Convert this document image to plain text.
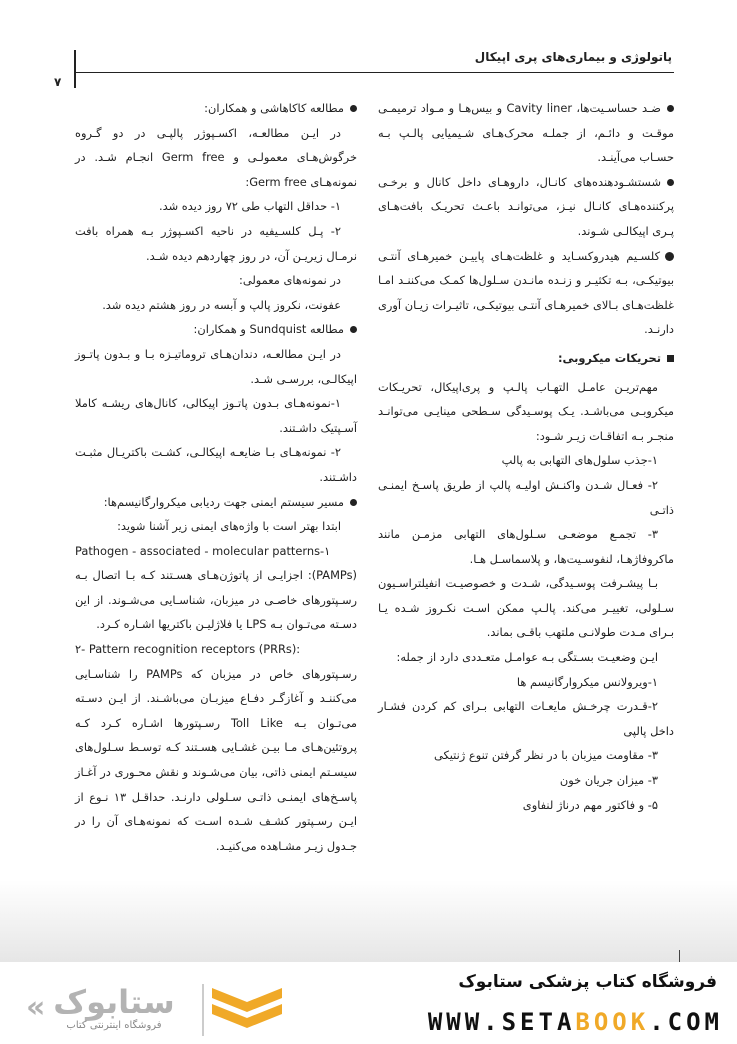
پاتولوژی و بیماری‌های پری اپیکال
۷

ضـد حساسـیت‌ها، Cavity liner و بیس‌هـا و مـواد ترمیمـی موقـت و دائـم، از جملـه محرک‌هـای شـیمیایی پالـپ بـه حسـاب می‌آینـد.

شستشـودهنده‌های کانـال، داروهـای داخل کانال و برخـی پرکننده‌هـای کانـال نیـز، می‌توانـد باعـث تحریـک بافت‌هـای پـری اپیکالـی شـوند.

کلسـیم هیدروکسـاید و غلظت‌هـای پاییـن خمیرهـای آنتـی بیوتیکـی، بـه تکثیـر و زنـده مانـدن سـلول‌ها کمـک می‌کننـد امـا غلظت‌هـای بـالای خمیرهـای آنتـی بیوتیکـی، تاثیـرات زیـان آوری دارنـد.

تحریکات میکروبی:

مهم‌تریـن عامـل التهـاب پالـپ و پری‌اپیکال، تحریـکات میکروبـی می‌باشـد. یـک پوسـیدگی سـطحی مینایـی می‌توانـد منجـر بـه اتفاقـات زیـر شـود:

۱-جذب سلول‌های التهابی به پالپ

۲- فعـال شـدن واکنـش اولیـه پالپ از طریق پاسـخ ایمنـی ذاتـی

۳- تجمـع موضعـی سـلول‌های التهابی مزمـن مانند ماکروفاژهـا، لنفوسـیت‌ها، و پلاسماسـل هـا.

بـا پیشـرفت پوسـیدگی، شـدت و خصوصیـت انفیلتراسـیون سـلولی، تغییـر می‌کند. پالـپ ممکن اسـت نکـروز شـده یـا بـرای مـدت طولانـی ملتهب باقـی بماند.

ایـن وضعیـت بسـتگی بـه عوامـل متعـددی دارد از جمله:

۱-ویرولانس میکروارگانیسم ها

۲-قـدرت چرخـش مایعـات التهابی بـرای کم کردن فشـار داخل پالپی

۳- مقاومت میزبان با در نظر گرفتن تنوع ژنتیکی

۳- میزان جریان خون

۵- و فاکتور مهم درناژ لنفاوی

مطالعه کاکاهاشی و همکاران:

در ایـن مطالعـه، اکسـپوژر پالپـی در دو گـروه خرگوش‌هـای معمولـی و Germ free انجـام شـد. در نمونه‌هـای Germ free:

۱- حداقل التهاب طی ۷۲ روز دیده شد.

۲- پـل کلسـیفیه در ناحیه اکسـپوژر بـه همراه بافت نرمـال زیریـن آن، در روز چهاردهم دیده شـد.

در نمونه‌های معمولی:

عفونت، نکروز پالپ و آبسه در روز هشتم دیده شد.

مطالعه Sundquist و همکاران:

در ایـن مطالعـه، دندان‌هـای تروماتیـزه بـا و بـدون پاتـوز اپیکالـی، بررسـی شـد.

۱-نمونه‌هـای بـدون پاتـوز اپیکالی، کانال‌های ریشـه کاملا آسـپتیک داشـتند.

۲- نمونه‌هـای بـا ضایعـه اپیکالـی، کشـت باکتریـال مثبـت داشـتند.

مسیر سیستم ایمنی جهت ردیابی میکروارگانیسم‌ها:

ابتدا بهتر است با واژه‌های ایمنی زیر آشنا شوید:

Pathogen - associated - molecular patterns-۱

(PAMPs): اجزایـی از پاتوژن‌هـای هسـتند کـه بـا اتصال بـه رسـپتورهای خاصـی در میزبان، شناسـایی می‌شـوند. از این دسـته می‌تـوان بـه LPS یا فلاژلیـن باکتریها اشـاره کـرد.

۲- Pattern recognition receptors (PRRs):

رسـپتورهای خاص در میزبان که PAMPs را شناسـایی می‌کننـد و آغازگـر دفـاع میزبـان می‌باشـند. از ایـن دسـته می‌تـوان بـه Toll Like رسـپتورها اشـاره کـرد کـه پروتئین‌هـای مـا بیـن غشـایی هسـتند کـه توسـط سـلول‌های سیسـتم ایمنی ذاتی، بیان می‌شـوند و نقش محـوری در آغـاز پاسـخ‌های ایمنـی ذاتـی سـلولی دارنـد. حداقـل ۱۳ نـوع از ایـن رسـپتور کشـف شـده اسـت که نمونه‌هـای آن را در جـدول زیـر مشـاهده می‌کنیـد.

فروشگاه کتاب پزشکی ستابوک
WWW.SETABOOK.COM
« ستابوک
فروشگاه اینترنتی کتاب
